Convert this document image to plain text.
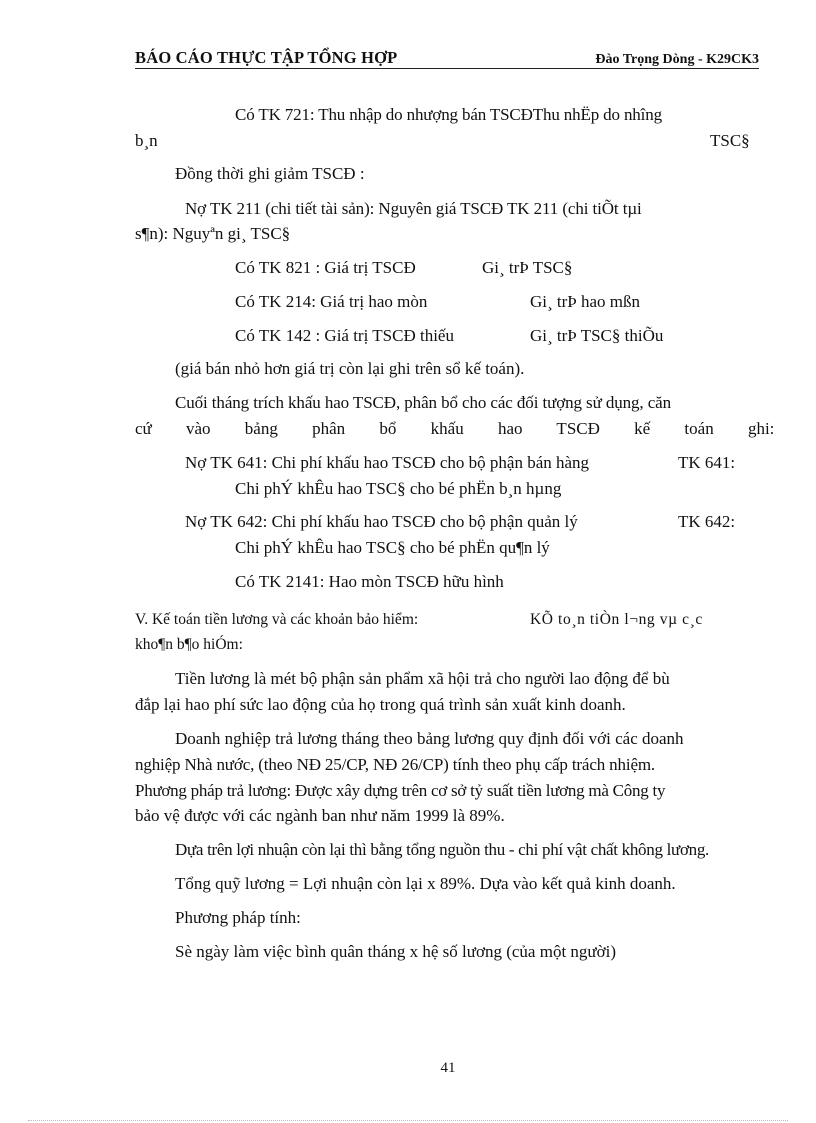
BÁO CÁO THỰC TẬP TỔNG HỢP	Đào Trọng Dòng - K29CK3
Có TK 721: Thu nhập do nhượng bán TSCĐThu nhËp do nhîng
b¸n	TSC§
Đồng thời ghi giảm TSCĐ :
Nợ TK 211 (chi tiết tài sản): Nguyên giá TSCĐ TK 211 (chi tiÕt tµi
s¶n): Nguyªn gi¸ TSC§
Có TK 821 : Giá trị TSCĐ	Gi¸ trÞ TSC§
Có TK 214: Giá trị hao mòn	Gi¸ trÞ hao mßn
Có TK 142 : Giá trị TSCĐ thiếu	Gi¸ trÞ TSC§ thiÕu
(giá bán nhỏ hơn giá trị còn lại ghi trên sổ kế toán).
Cuối tháng trích khấu hao TSCĐ, phân bổ cho các đối tượng sử dụng, căn
cứ vào bảng phân bổ khấu hao TSCĐ kế toán ghi:
Nợ TK 641: Chi phí khấu hao TSCĐ cho bộ phận bán hàng	TK 641:
Chi phÝ khÊu hao TSC§ cho bé phËn b¸n hµng
Nợ TK 642: Chi phí khấu hao TSCĐ cho bộ phận quản lý	TK 642:
Chi phÝ khÊu hao TSC§ cho bé phËn qu¶n lý
Có TK 2141: Hao mòn TSCĐ hữu hình
V. Kế toán tiền lương và các khoản bảo hiểm:	KÕ to¸n tiÒn l¬ng vµ c¸c
kho¶n b¶o hiÓm:
Tiền lương là mét bộ phận sản phẩm xã hội trả cho người lao động để bù
đắp lại hao phí sức lao động của họ trong quá trình sản xuất kinh doanh.
Doanh nghiệp trả lương tháng theo bảng lương quy định đối với các doanh
nghiệp Nhà nước, (theo NĐ 25/CP, NĐ 26/CP) tính theo phụ cấp trách nhiệm.
Phương pháp trả lương: Được xây dựng trên cơ sở tỷ suất tiền lương mà Công ty
bảo vệ được với các ngành ban như năm 1999 là 89%.
Dựa trên lợi nhuận còn lại thì bằng tổng nguồn thu - chi phí vật chất không lương.
Tổng quỹ lương = Lợi nhuận còn lại x 89%. Dựa vào kết quả kinh doanh.
Phương pháp tính:
Sè ngày làm việc bình quân tháng x hệ số lương (của một người)
41
